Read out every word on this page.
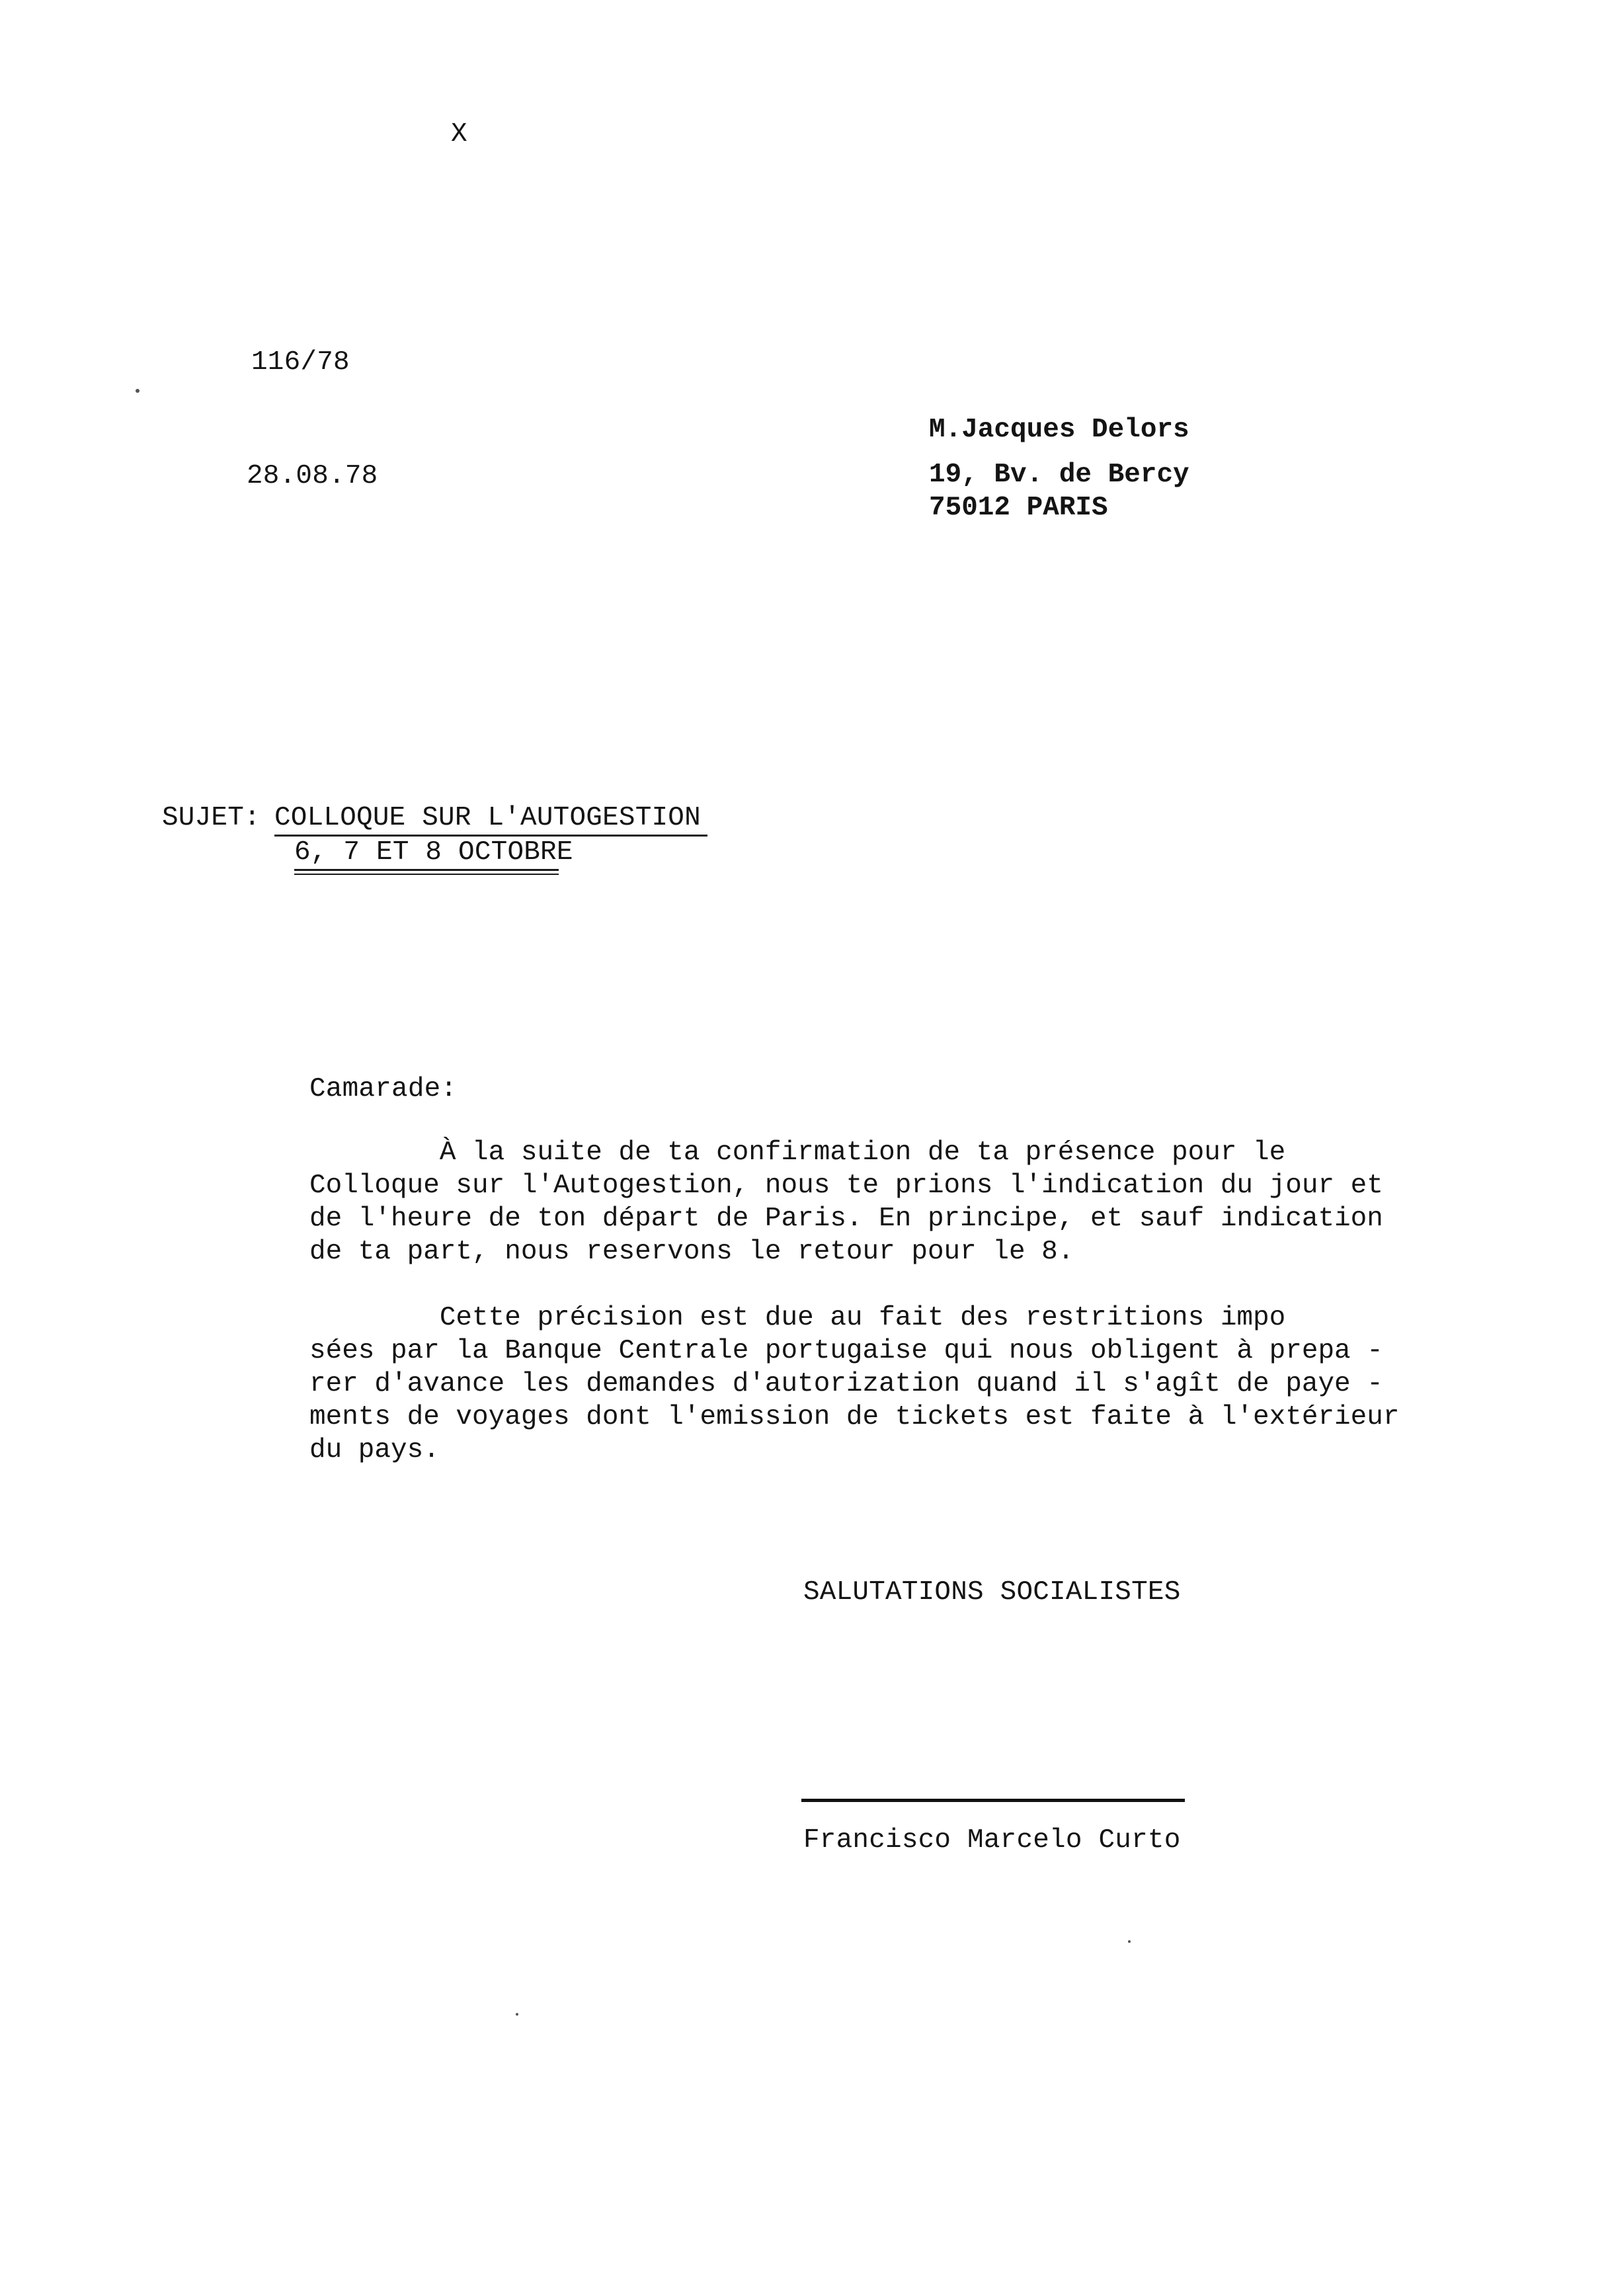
X
116/78
28.08.78
M.Jacques Delors
19, Bv. de Bercy
75012 PARIS
SUJET: COLLOQUE SUR L'AUTOGESTION
6, 7 ET 8 OCTOBRE
Camarade:
À la suite de ta confirmation de ta présence pour le
Colloque sur l'Autogestion, nous te prions l'indication du jour et
de l'heure de ton départ de Paris. En principe, et sauf indication
de ta part, nous reservons le retour pour le 8.
Cette précision est due au fait des restritions impo
sées par la Banque Centrale portugaise qui nous obligent à prepa -
rer d'avance les demandes d'autorization quand il s'agît de paye -
ments de voyages dont l'emission de tickets est faite à l'extérieur
du pays.
SALUTATIONS SOCIALISTES
Francisco Marcelo Curto
